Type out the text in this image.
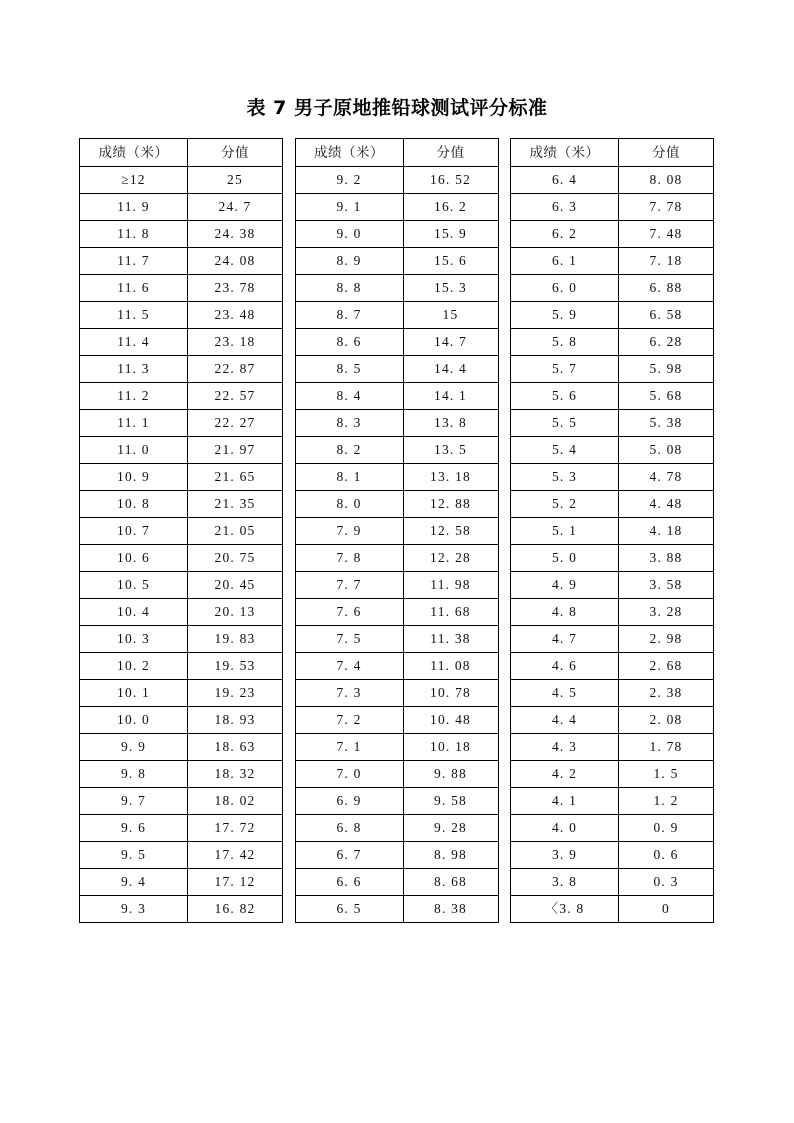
表 7 男子原地推铅球测试评分标准
成绩（米）	分值
≥12	25
11. 9	24. 7
11. 8	24. 38
11. 7	24. 08
11. 6	23. 78
11. 5	23. 48
11. 4	23. 18
11. 3	22. 87
11. 2	22. 57
11. 1	22. 27
11. 0	21. 97
10. 9	21. 65
10. 8	21. 35
10. 7	21. 05
10. 6	20. 75
10. 5	20. 45
10. 4	20. 13
10. 3	19. 83
10. 2	19. 53
10. 1	19. 23
10. 0	18. 93
9. 9	18. 63
9. 8	18. 32
9. 7	18. 02
9. 6	17. 72
9. 5	17. 42
9. 4	17. 12
9. 3	16. 82
成绩（米）	分值
9. 2	16. 52
9. 1	16. 2
9. 0	15. 9
8. 9	15. 6
8. 8	15. 3
8. 7	15
8. 6	14. 7
8. 5	14. 4
8. 4	14. 1
8. 3	13. 8
8. 2	13. 5
8. 1	13. 18
8. 0	12. 88
7. 9	12. 58
7. 8	12. 28
7. 7	11. 98
7. 6	11. 68
7. 5	11. 38
7. 4	11. 08
7. 3	10. 78
7. 2	10. 48
7. 1	10. 18
7. 0	9. 88
6. 9	9. 58
6. 8	9. 28
6. 7	8. 98
6. 6	8. 68
6. 5	8. 38
成绩（米）	分值
6. 4	8. 08
6. 3	7. 78
6. 2	7. 48
6. 1	7. 18
6. 0	6. 88
5. 9	6. 58
5. 8	6. 28
5. 7	5. 98
5. 6	5. 68
5. 5	5. 38
5. 4	5. 08
5. 3	4. 78
5. 2	4. 48
5. 1	4. 18
5. 0	3. 88
4. 9	3. 58
4. 8	3. 28
4. 7	2. 98
4. 6	2. 68
4. 5	2. 38
4. 4	2. 08
4. 3	1. 78
4. 2	1. 5
4. 1	1. 2
4. 0	0. 9
3. 9	0. 6
3. 8	0. 3
〈3. 8	0
